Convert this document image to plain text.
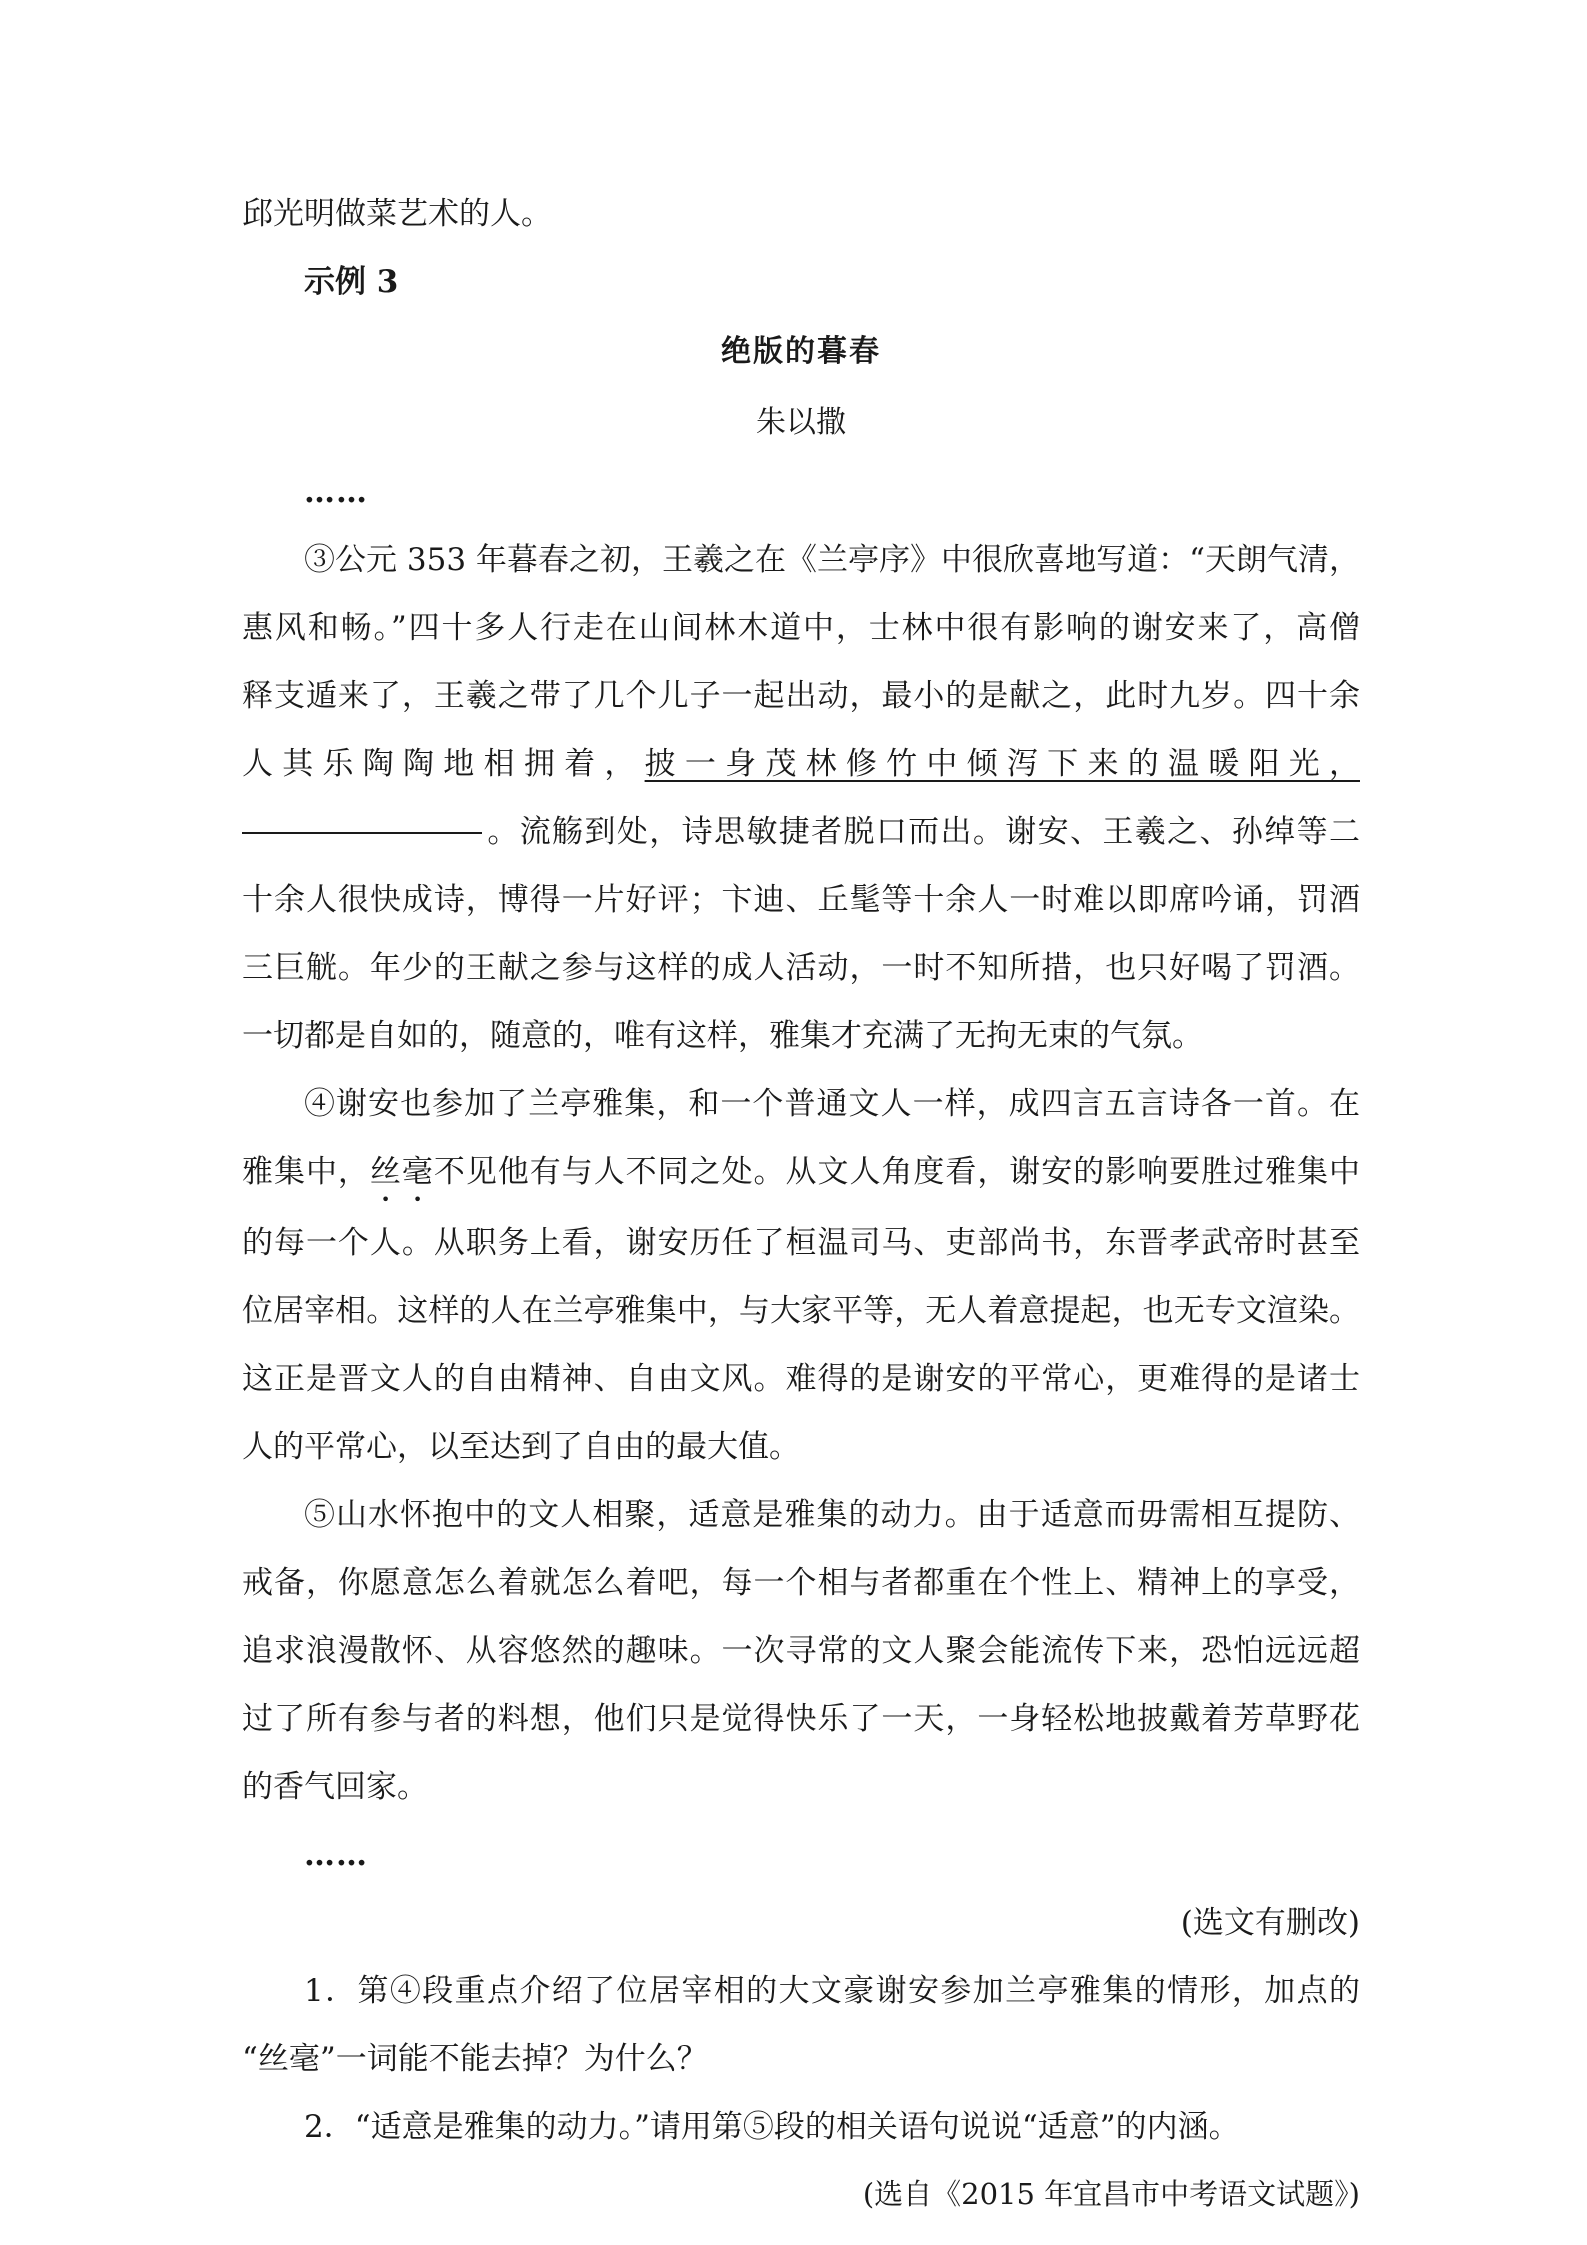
邱光明做菜艺术的人。
示例 3
绝版的暮春
朱以撒
……
③公元 353 年暮春之初，王羲之在《兰亭序》中很欣喜地写道：“天朗气清，
惠风和畅。”四十多人行走在山间林木道中，士林中很有影响的谢安来了，高僧
释支遁来了，王羲之带了几个儿子一起出动，最小的是献之，此时九岁。四十余
人其乐陶陶地相拥着，披一身茂林修竹中倾泻下来的温暖阳光，
。流觞到处，诗思敏捷者脱口而出。谢安、王羲之、孙绰等二
十余人很快成诗，博得一片好评；卞迪、丘髦等十余人一时难以即席吟诵，罚酒
三巨觥。年少的王献之参与这样的成人活动，一时不知所措，也只好喝了罚酒。
一切都是自如的，随意的，唯有这样，雅集才充满了无拘无束的气氛。
④谢安也参加了兰亭雅集，和一个普通文人一样，成四言五言诗各一首。在
雅集中，丝毫不见他有与人不同之处。从文人角度看，谢安的影响要胜过雅集中
的每一个人。从职务上看，谢安历任了桓温司马、吏部尚书，东晋孝武帝时甚至
位居宰相。这样的人在兰亭雅集中，与大家平等，无人着意提起，也无专文渲染。
这正是晋文人的自由精神、自由文风。难得的是谢安的平常心，更难得的是诸士
人的平常心，以至达到了自由的最大值。
⑤山水怀抱中的文人相聚，适意是雅集的动力。由于适意而毋需相互提防、
戒备，你愿意怎么着就怎么着吧，每一个相与者都重在个性上、精神上的享受，
追求浪漫散怀、从容悠然的趣味。一次寻常的文人聚会能流传下来，恐怕远远超
过了所有参与者的料想，他们只是觉得快乐了一天，一身轻松地披戴着芳草野花
的香气回家。
……
(选文有删改)
1．第④段重点介绍了位居宰相的大文豪谢安参加兰亭雅集的情形，加点的
“丝毫”一词能不能去掉？为什么？
2．“适意是雅集的动力。”请用第⑤段的相关语句说说“适意”的内涵。
(选自《2015 年宜昌市中考语文试题》)
